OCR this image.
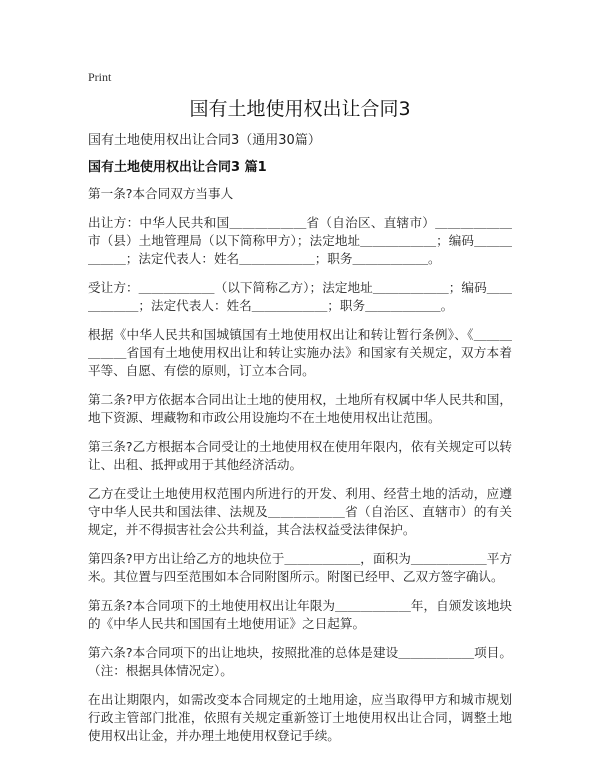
Print
国有土地使用权出让合同3
国有土地使用权出让合同3（通用30篇）
国有土地使用权出让合同3 篇1

第一条?本合同双方当事人

出让方：中华人民共和国＿＿＿＿＿＿省（自治区、直辖市）＿＿＿＿＿＿市（县）土地管理局（以下简称甲方）；法定地址＿＿＿＿＿＿；编码＿＿＿＿＿＿；法定代表人：姓名＿＿＿＿＿＿；职务＿＿＿＿＿＿。

受让方：＿＿＿＿＿＿（以下简称乙方）；法定地址＿＿＿＿＿＿；编码＿＿＿＿＿＿；法定代表人：姓名＿＿＿＿＿＿；职务＿＿＿＿＿＿。

根据《中华人民共和国城镇国有土地使用权出让和转让暂行条例》、《＿＿＿＿＿＿省国有土地使用权出让和转让实施办法》和国家有关规定，双方本着平等、自愿、有偿的原则，订立本合同。

第二条?甲方依据本合同出让土地的使用权，土地所有权属中华人民共和国，地下资源、埋藏物和市政公用设施均不在土地使用权出让范围。

第三条?乙方根据本合同受让的土地使用权在使用年限内，依有关规定可以转让、出租、抵押或用于其他经济活动。

乙方在受让土地使用权范围内所进行的开发、利用、经营土地的活动，应遵守中华人民共和国法律、法规及＿＿＿＿＿＿省（自治区、直辖市）的有关规定，并不得损害社会公共利益，其合法权益受法律保护。

第四条?甲方出让给乙方的地块位于＿＿＿＿＿＿，面积为＿＿＿＿＿＿平方米。其位置与四至范围如本合同附图所示。附图已经甲、乙双方签字确认。

第五条?本合同项下的土地使用权出让年限为＿＿＿＿＿＿年，自颁发该地块的《中华人民共和国国有土地使用证》之日起算。

第六条?本合同项下的出让地块，按照批准的总体是建设＿＿＿＿＿＿项目。（注：根据具体情况定）。

在出让期限内，如需改变本合同规定的土地用途，应当取得甲方和城市规划行政主管部门批准，依照有关规定重新签订土地使用权出让合同，调整土地使用权出让金，并办理土地使用权登记手续。
